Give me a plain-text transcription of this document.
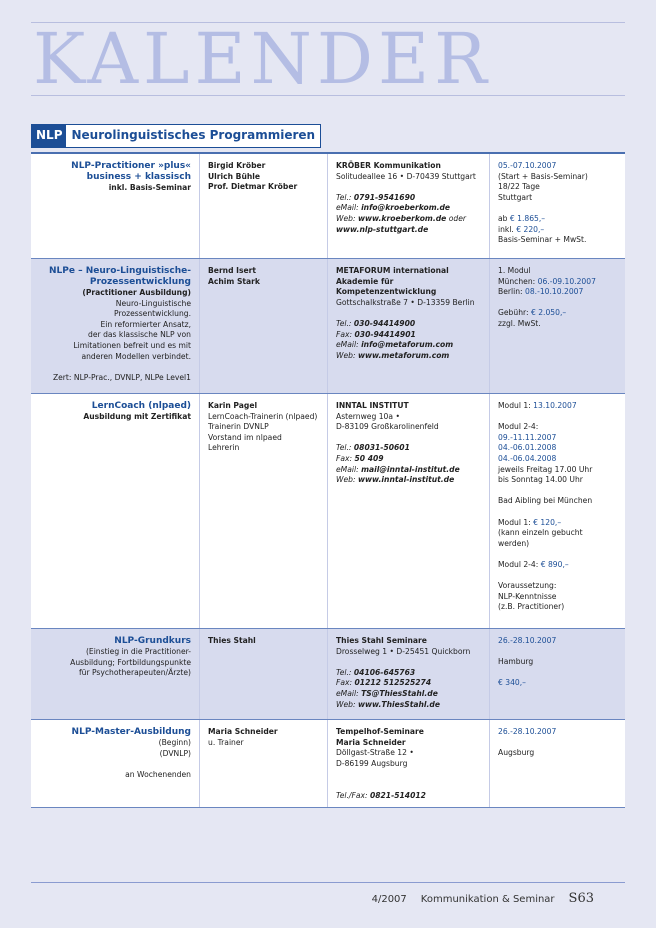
KALENDER
NLP Neurolinguistisches Programmieren
NLP-Practitioner »plus«
business + klassisch
inkl. Basis-Seminar
Birgid Kröber
Ulrich Bühle
Prof. Dietmar Kröber
KRÖBER Kommunikation
Solitudeallee 16 • D-70439 Stuttgart
Tel.: 0791-9541690
eMail: info@kroeberkom.de
Web: www.kroeberkom.de oder
www.nlp-stuttgart.de
05.-07.10.2007
(Start + Basis-Seminar)
18/22 Tage
Stuttgart
ab € 1.865,–
inkl. € 220,–
Basis-Seminar + MwSt.
NLPe – Neuro-Linguistische-
Prozessentwicklung
(Practitioner Ausbildung)
Neuro-Linguistische
Prozessentwicklung.
Ein reformierter Ansatz,
der das klassische NLP von
Limitationen befreit und es mit
anderen Modellen verbindet.
Zert: NLP-Prac., DVNLP, NLPe Level1
Bernd Isert
Achim Stark
METAFORUM international
Akademie für Kompetenzentwicklung
Gottschalkstraße 7 • D-13359 Berlin
Tel.: 030-94414900
Fax: 030-94414901
eMail: info@metaforum.com
Web: www.metaforum.com
1. Modul
München: 06.-09.10.2007
Berlin: 08.-10.10.2007
Gebühr: € 2.050,–
zzgl. MwSt.
LernCoach (nlpaed)
Ausbildung mit Zertifikat
Karin Pagel
LernCoach-Trainerin (nlpaed)
Trainerin DVNLP
Vorstand im nlpaed
Lehrerin
INNTAL INSTITUT
Asternweg 10a •
D-83109 Großkarolinenfeld
Tel.: 08031-50601
Fax: 50 409
eMail: mail@inntal-institut.de
Web: www.inntal-institut.de
Modul 1: 13.10.2007
Modul 2-4:
09.-11.11.2007
04.-06.01.2008
04.-06.04.2008
jeweils Freitag 17.00 Uhr
bis Sonntag 14.00 Uhr
Bad Aibling bei München
Modul 1: € 120,–
(kann einzeln gebucht
werden)
Modul 2-4: € 890,–
Voraussetzung:
NLP-Kenntnisse
(z.B. Practitioner)
NLP-Grundkurs
(Einstieg in die Practitioner-
Ausbildung; Fortbildungspunkte
für Psychotherapeuten/Ärzte)
Thies Stahl	Thies Stahl Seminare
Drosselweg 1 • D-25451 Quickborn
Tel.: 04106-645763
Fax: 01212 512525274
eMail: TS@ThiesStahl.de
Web: www.ThiesStahl.de
26.-28.10.2007
Hamburg
€ 340,–
NLP-Master-Ausbildung
(Beginn)
(DVNLP)
an Wochenenden
Maria Schneider
u. Trainer
Tempelhof-Seminare
Maria Schneider
Döllgast-Straße 12 •
D-86199 Augsburg
Tel./Fax: 0821-514012
26.-28.10.2007
Augsburg
4/2007 Kommunikation & Seminar S63
